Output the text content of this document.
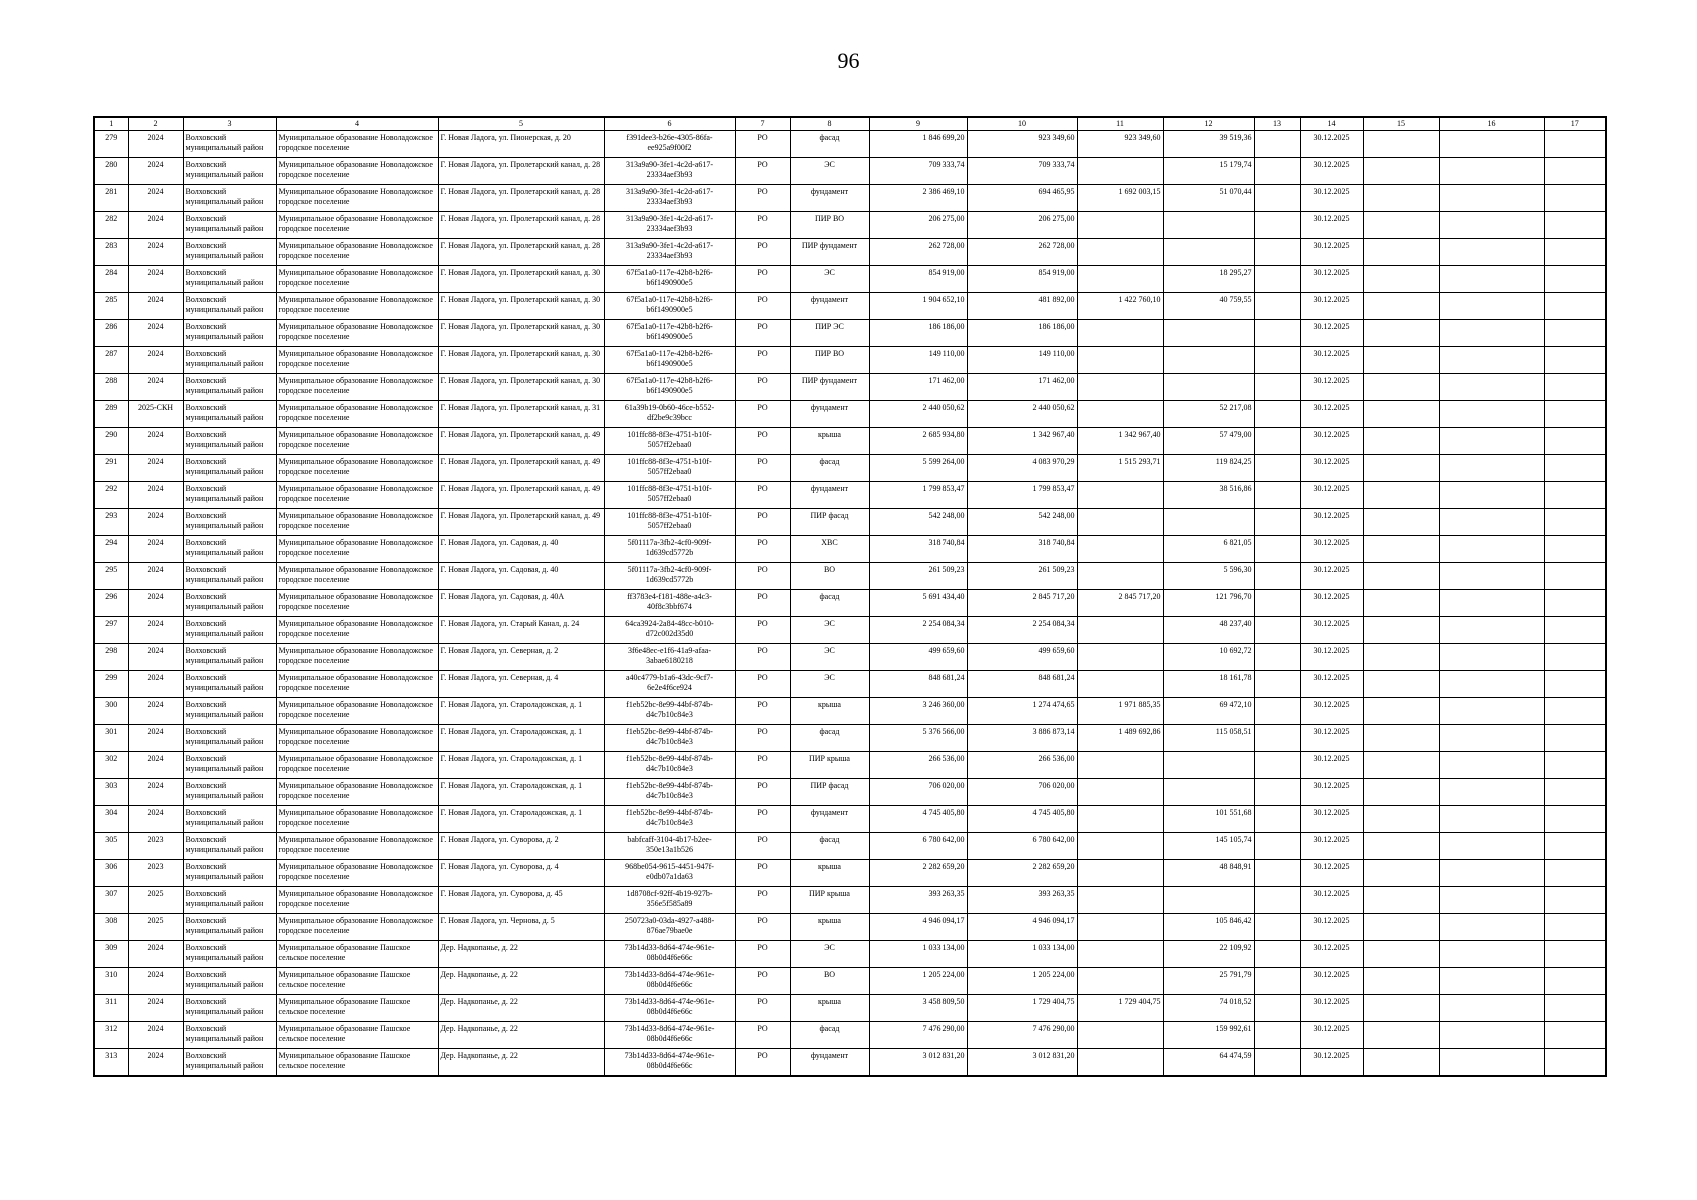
96
1	2	3	4	5	6	7	8	9	10	11	12	13	14	15	16	17
279	2024	Волховский муниципальный район	Муниципальное образование Новоладожское городское поселение	Г. Новая Ладога, ул. Пионерская, д. 20	f391dee3-b26e-4305-86fa-ee925a9f00f2	РО	фасад	1 846 699,20	923 349,60	923 349,60	39 519,36		30.12.2025			
280	2024	Волховский муниципальный район	Муниципальное образование Новоладожское городское поселение	Г. Новая Ладога, ул. Пролетарский канал, д. 28	313a9a90-3fe1-4c2d-a617-23334aef3b93	РО	ЭС	709 333,74	709 333,74		15 179,74		30.12.2025			
281	2024	Волховский муниципальный район	Муниципальное образование Новоладожское городское поселение	Г. Новая Ладога, ул. Пролетарский канал, д. 28	313a9a90-3fe1-4c2d-a617-23334aef3b93	РО	фундамент	2 386 469,10	694 465,95	1 692 003,15	51 070,44		30.12.2025			
282	2024	Волховский муниципальный район	Муниципальное образование Новоладожское городское поселение	Г. Новая Ладога, ул. Пролетарский канал, д. 28	313a9a90-3fe1-4c2d-a617-23334aef3b93	РО	ПИР ВО	206 275,00	206 275,00				30.12.2025			
283	2024	Волховский муниципальный район	Муниципальное образование Новоладожское городское поселение	Г. Новая Ладога, ул. Пролетарский канал, д. 28	313a9a90-3fe1-4c2d-a617-23334aef3b93	РО	ПИР фундамент	262 728,00	262 728,00				30.12.2025			
284	2024	Волховский муниципальный район	Муниципальное образование Новоладожское городское поселение	Г. Новая Ладога, ул. Пролетарский канал, д. 30	67f5a1a0-117e-42b8-b2f6-b6f1490900e5	РО	ЭС	854 919,00	854 919,00		18 295,27		30.12.2025			
285	2024	Волховский муниципальный район	Муниципальное образование Новоладожское городское поселение	Г. Новая Ладога, ул. Пролетарский канал, д. 30	67f5a1a0-117e-42b8-b2f6-b6f1490900e5	РО	фундамент	1 904 652,10	481 892,00	1 422 760,10	40 759,55		30.12.2025			
286	2024	Волховский муниципальный район	Муниципальное образование Новоладожское городское поселение	Г. Новая Ладога, ул. Пролетарский канал, д. 30	67f5a1a0-117e-42b8-b2f6-b6f1490900e5	РО	ПИР ЭС	186 186,00	186 186,00				30.12.2025			
287	2024	Волховский муниципальный район	Муниципальное образование Новоладожское городское поселение	Г. Новая Ладога, ул. Пролетарский канал, д. 30	67f5a1a0-117e-42b8-b2f6-b6f1490900e5	РО	ПИР ВО	149 110,00	149 110,00				30.12.2025			
288	2024	Волховский муниципальный район	Муниципальное образование Новоладожское городское поселение	Г. Новая Ладога, ул. Пролетарский канал, д. 30	67f5a1a0-117e-42b8-b2f6-b6f1490900e5	РО	ПИР фундамент	171 462,00	171 462,00				30.12.2025			
289	2025-СКН	Волховский муниципальный район	Муниципальное образование Новоладожское городское поселение	Г. Новая Ладога, ул. Пролетарский канал, д. 31	61a39b19-0b60-46ce-b552-df2be9c39bcc	РО	фундамент	2 440 050,62	2 440 050,62		52 217,08		30.12.2025			
290	2024	Волховский муниципальный район	Муниципальное образование Новоладожское городское поселение	Г. Новая Ладога, ул. Пролетарский канал, д. 49	101ffc88-8f3e-4751-b10f-5057ff2ebaa0	РО	крыша	2 685 934,80	1 342 967,40	1 342 967,40	57 479,00		30.12.2025			
291	2024	Волховский муниципальный район	Муниципальное образование Новоладожское городское поселение	Г. Новая Ладога, ул. Пролетарский канал, д. 49	101ffc88-8f3e-4751-b10f-5057ff2ebaa0	РО	фасад	5 599 264,00	4 083 970,29	1 515 293,71	119 824,25		30.12.2025			
292	2024	Волховский муниципальный район	Муниципальное образование Новоладожское городское поселение	Г. Новая Ладога, ул. Пролетарский канал, д. 49	101ffc88-8f3e-4751-b10f-5057ff2ebaa0	РО	фундамент	1 799 853,47	1 799 853,47		38 516,86		30.12.2025			
293	2024	Волховский муниципальный район	Муниципальное образование Новоладожское городское поселение	Г. Новая Ладога, ул. Пролетарский канал, д. 49	101ffc88-8f3e-4751-b10f-5057ff2ebaa0	РО	ПИР фасад	542 248,00	542 248,00				30.12.2025			
294	2024	Волховский муниципальный район	Муниципальное образование Новоладожское городское поселение	Г. Новая Ладога, ул. Садовая, д. 40	5f01117a-3fb2-4cf0-909f-1d639cd5772b	РО	ХВС	318 740,84	318 740,84		6 821,05		30.12.2025			
295	2024	Волховский муниципальный район	Муниципальное образование Новоладожское городское поселение	Г. Новая Ладога, ул. Садовая, д. 40	5f01117a-3fb2-4cf0-909f-1d639cd5772b	РО	ВО	261 509,23	261 509,23		5 596,30		30.12.2025			
296	2024	Волховский муниципальный район	Муниципальное образование Новоладожское городское поселение	Г. Новая Ладога, ул. Садовая, д. 40А	ff3783e4-f181-488e-a4c3-40f8c3bbf674	РО	фасад	5 691 434,40	2 845 717,20	2 845 717,20	121 796,70		30.12.2025			
297	2024	Волховский муниципальный район	Муниципальное образование Новоладожское городское поселение	Г. Новая Ладога, ул. Старый Канал, д. 24	64ca3924-2a84-48cc-b010-d72c002d35d0	РО	ЭС	2 254 084,34	2 254 084,34		48 237,40		30.12.2025			
298	2024	Волховский муниципальный район	Муниципальное образование Новоладожское городское поселение	Г. Новая Ладога, ул. Северная, д. 2	3f6e48ec-e1f6-41a9-afaa-3abae6180218	РО	ЭС	499 659,60	499 659,60		10 692,72		30.12.2025			
299	2024	Волховский муниципальный район	Муниципальное образование Новоладожское городское поселение	Г. Новая Ладога, ул. Северная, д. 4	a40c4779-b1a6-43dc-9cf7-6e2e4f6ce924	РО	ЭС	848 681,24	848 681,24		18 161,78		30.12.2025			
300	2024	Волховский муниципальный район	Муниципальное образование Новоладожское городское поселение	Г. Новая Ладога, ул. Староладожская, д. 1	f1eb52bc-8e99-44bf-874b-d4c7b10c84e3	РО	крыша	3 246 360,00	1 274 474,65	1 971 885,35	69 472,10		30.12.2025			
301	2024	Волховский муниципальный район	Муниципальное образование Новоладожское городское поселение	Г. Новая Ладога, ул. Староладожская, д. 1	f1eb52bc-8e99-44bf-874b-d4c7b10c84e3	РО	фасад	5 376 566,00	3 886 873,14	1 489 692,86	115 058,51		30.12.2025			
302	2024	Волховский муниципальный район	Муниципальное образование Новоладожское городское поселение	Г. Новая Ладога, ул. Староладожская, д. 1	f1eb52bc-8e99-44bf-874b-d4c7b10c84e3	РО	ПИР крыша	266 536,00	266 536,00				30.12.2025			
303	2024	Волховский муниципальный район	Муниципальное образование Новоладожское городское поселение	Г. Новая Ладога, ул. Староладожская, д. 1	f1eb52bc-8e99-44bf-874b-d4c7b10c84e3	РО	ПИР фасад	706 020,00	706 020,00				30.12.2025			
304	2024	Волховский муниципальный район	Муниципальное образование Новоладожское городское поселение	Г. Новая Ладога, ул. Староладожская, д. 1	f1eb52bc-8e99-44bf-874b-d4c7b10c84e3	РО	фундамент	4 745 405,80	4 745 405,80		101 551,68		30.12.2025			
305	2023	Волховский муниципальный район	Муниципальное образование Новоладожское городское поселение	Г. Новая Ладога, ул. Суворова, д. 2	babfcaff-3104-4b17-b2ee-350e13a1b526	РО	фасад	6 780 642,00	6 780 642,00		145 105,74		30.12.2025			
306	2023	Волховский муниципальный район	Муниципальное образование Новоладожское городское поселение	Г. Новая Ладога, ул. Суворова, д. 4	968be054-9615-4451-947f-e0db07a1da63	РО	крыша	2 282 659,20	2 282 659,20		48 848,91		30.12.2025			
307	2025	Волховский муниципальный район	Муниципальное образование Новоладожское городское поселение	Г. Новая Ладога, ул. Суворова, д. 45	1d8708cf-92ff-4b19-927b-356e5f585a89	РО	ПИР крыша	393 263,35	393 263,35				30.12.2025			
308	2025	Волховский муниципальный район	Муниципальное образование Новоладожское городское поселение	Г. Новая Ладога, ул. Чернова, д. 5	250723a0-03da-4927-a488-876ae79bae0e	РО	крыша	4 946 094,17	4 946 094,17		105 846,42		30.12.2025			
309	2024	Волховский муниципальный район	Муниципальное образование Пашское сельское поселение	Дер. Надкопанье, д. 22	73b14d33-8d64-474e-961e-08b0d4f6e66c	РО	ЭС	1 033 134,00	1 033 134,00		22 109,92		30.12.2025			
310	2024	Волховский муниципальный район	Муниципальное образование Пашское сельское поселение	Дер. Надкопанье, д. 22	73b14d33-8d64-474e-961e-08b0d4f6e66c	РО	ВО	1 205 224,00	1 205 224,00		25 791,79		30.12.2025			
311	2024	Волховский муниципальный район	Муниципальное образование Пашское сельское поселение	Дер. Надкопанье, д. 22	73b14d33-8d64-474e-961e-08b0d4f6e66c	РО	крыша	3 458 809,50	1 729 404,75	1 729 404,75	74 018,52		30.12.2025			
312	2024	Волховский муниципальный район	Муниципальное образование Пашское сельское поселение	Дер. Надкопанье, д. 22	73b14d33-8d64-474e-961e-08b0d4f6e66c	РО	фасад	7 476 290,00	7 476 290,00		159 992,61		30.12.2025			
313	2024	Волховский муниципальный район	Муниципальное образование Пашское сельское поселение	Дер. Надкопанье, д. 22	73b14d33-8d64-474e-961e-08b0d4f6e66c	РО	фундамент	3 012 831,20	3 012 831,20		64 474,59		30.12.2025			
